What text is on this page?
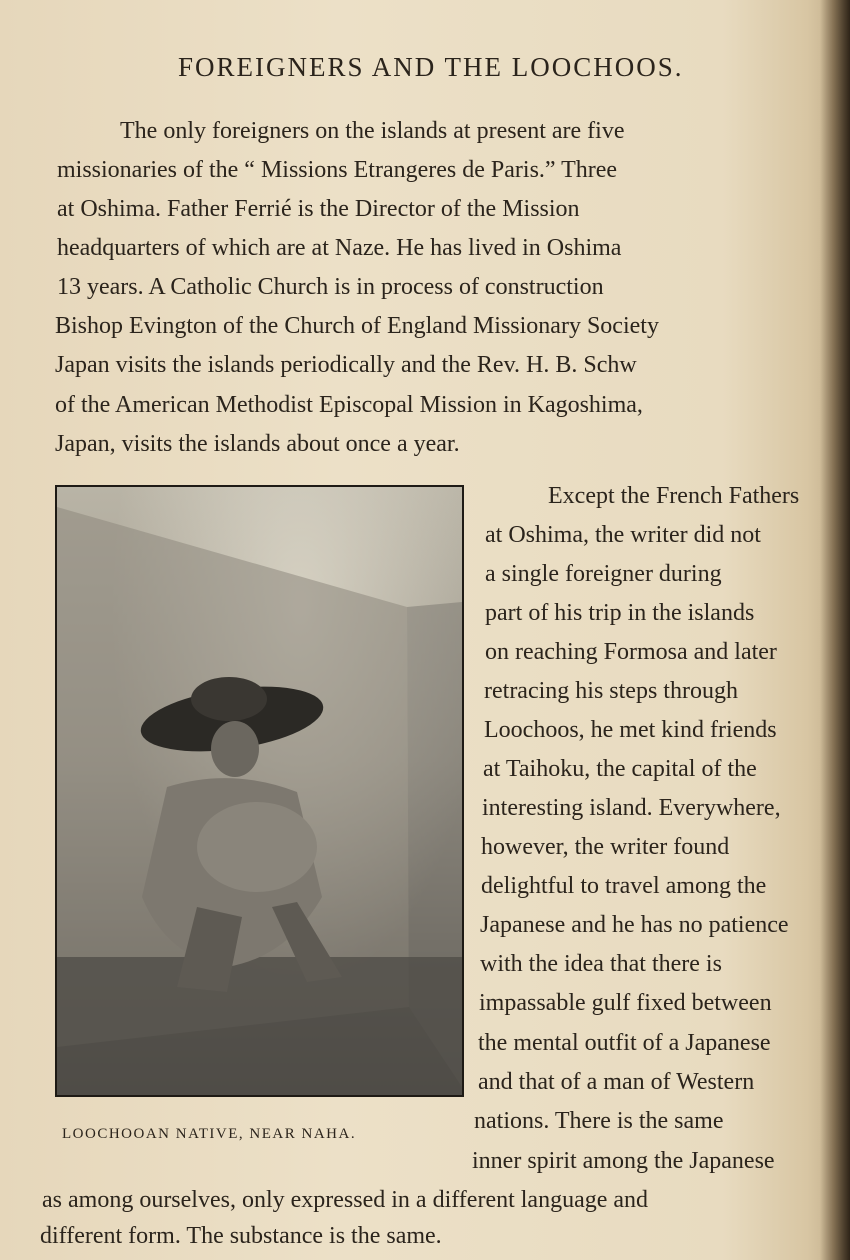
FOREIGNERS AND THE LOOCHOOS.
The only foreigners on the islands at present are five
missionaries of the “ Missions Etrangeres de Paris.” Three
at Oshima. Father Ferrié is the Director of the Mission
headquarters of which are at Naze. He has lived in Oshima
13 years. A Catholic Church is in process of construction
Bishop Evington of the Church of England Missionary Society
Japan visits the islands periodically and the Rev. H. B. Schw
of the American Methodist Episcopal Mission in Kagoshima,
Japan, visits the islands about once a year.
LOOCHOOAN NATIVE, NEAR NAHA.
Except the French Fathers
at Oshima, the writer did not
a single foreigner during
part of his trip in the islands
on reaching Formosa and later
retracing his steps through
Loochoos, he met kind friends
at Taihoku, the capital of the
interesting island. Everywhere,
however, the writer found
delightful to travel among the
Japanese and he has no patience
with the idea that there is
impassable gulf fixed between
the mental outfit of a Japanese
and that of a man of Western
nations. There is the same
inner spirit among the Japanese
as among ourselves, only expressed in a different language and
different form. The substance is the same.
